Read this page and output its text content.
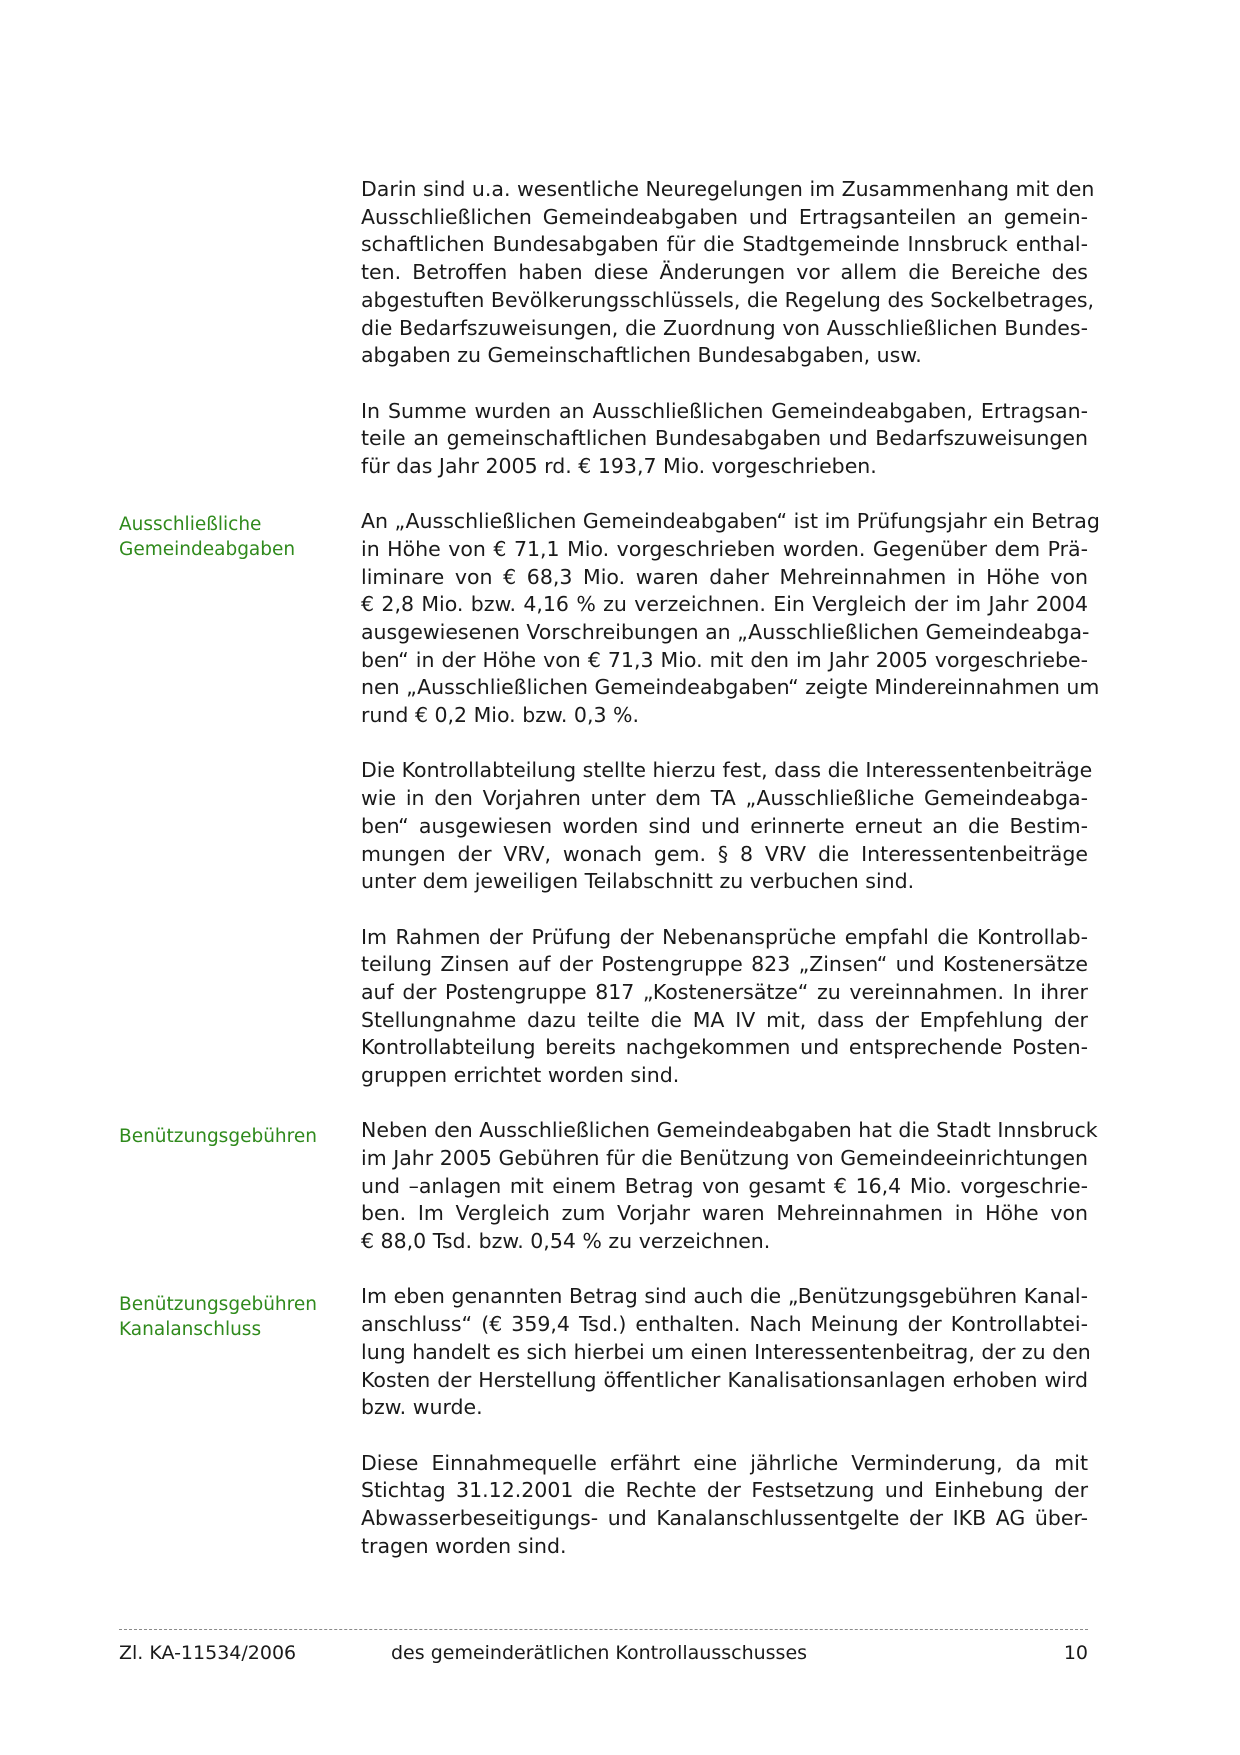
Darin sind u.a. wesentliche Neuregelungen im Zusammenhang mit den
Ausschließlichen Gemeindeabgaben und Ertragsanteilen an gemein-
schaftlichen Bundesabgaben für die Stadtgemeinde Innsbruck enthal-
ten. Betroffen haben diese Änderungen vor allem die Bereiche des
abgestuften Bevölkerungsschlüssels, die Regelung des Sockelbetrages,
die Bedarfszuweisungen, die Zuordnung von Ausschließlichen Bundes-
abgaben zu Gemeinschaftlichen Bundesabgaben, usw.

In Summe wurden an Ausschließlichen Gemeindeabgaben, Ertragsan-
teile an gemeinschaftlichen Bundesabgaben und Bedarfszuweisungen
für das Jahr 2005 rd. € 193,7 Mio. vorgeschrieben.

An „Ausschließlichen Gemeindeabgaben“ ist im Prüfungsjahr ein Betrag
in Höhe von € 71,1 Mio. vorgeschrieben worden. Gegenüber dem Prä-
liminare von € 68,3 Mio. waren daher Mehreinnahmen in Höhe von
€ 2,8 Mio. bzw. 4,16 % zu verzeichnen. Ein Vergleich der im Jahr 2004
ausgewiesenen Vorschreibungen an „Ausschließlichen Gemeindeabga-
ben“ in der Höhe von € 71,3 Mio. mit den im Jahr 2005 vorgeschriebe-
nen „Ausschließlichen Gemeindeabgaben“ zeigte Mindereinnahmen um
rund € 0,2 Mio. bzw. 0,3 %.

Die Kontrollabteilung stellte hierzu fest, dass die Interessentenbeiträge
wie in den Vorjahren unter dem TA „Ausschließliche Gemeindeabga-
ben“ ausgewiesen worden sind und erinnerte erneut an die Bestim-
mungen der VRV, wonach gem. § 8 VRV die Interessentenbeiträge
unter dem jeweiligen Teilabschnitt zu verbuchen sind.

Im Rahmen der Prüfung der Nebenansprüche empfahl die Kontrollab-
teilung Zinsen auf der Postengruppe 823 „Zinsen“ und Kostenersätze
auf der Postengruppe 817 „Kostenersätze“ zu vereinnahmen. In ihrer
Stellungnahme dazu teilte die MA IV mit, dass der Empfehlung der
Kontrollabteilung bereits nachgekommen und entsprechende Posten-
gruppen errichtet worden sind.

Neben den Ausschließlichen Gemeindeabgaben hat die Stadt Innsbruck
im Jahr 2005 Gebühren für die Benützung von Gemeindeeinrichtungen
und –anlagen mit einem Betrag von gesamt € 16,4 Mio. vorgeschrie-
ben. Im Vergleich zum Vorjahr waren Mehreinnahmen in Höhe von
€ 88,0 Tsd. bzw. 0,54 % zu verzeichnen.

Im eben genannten Betrag sind auch die „Benützungsgebühren Kanal-
anschluss“ (€ 359,4 Tsd.) enthalten. Nach Meinung der Kontrollabtei-
lung handelt es sich hierbei um einen Interessentenbeitrag, der zu den
Kosten der Herstellung öffentlicher Kanalisationsanlagen erhoben wird
bzw. wurde.

Diese Einnahmequelle erfährt eine jährliche Verminderung, da mit
Stichtag 31.12.2001 die Rechte der Festsetzung und Einhebung der
Abwasserbeseitigungs- und Kanalanschlussentgelte der IKB AG über-
tragen worden sind.

Ausschließliche
Gemeindeabgaben
Benützungsgebühren
Benützungsgebühren
Kanalanschluss
Zl. KA-11534/2006	des gemeinderätlichen Kontrollausschusses	10
